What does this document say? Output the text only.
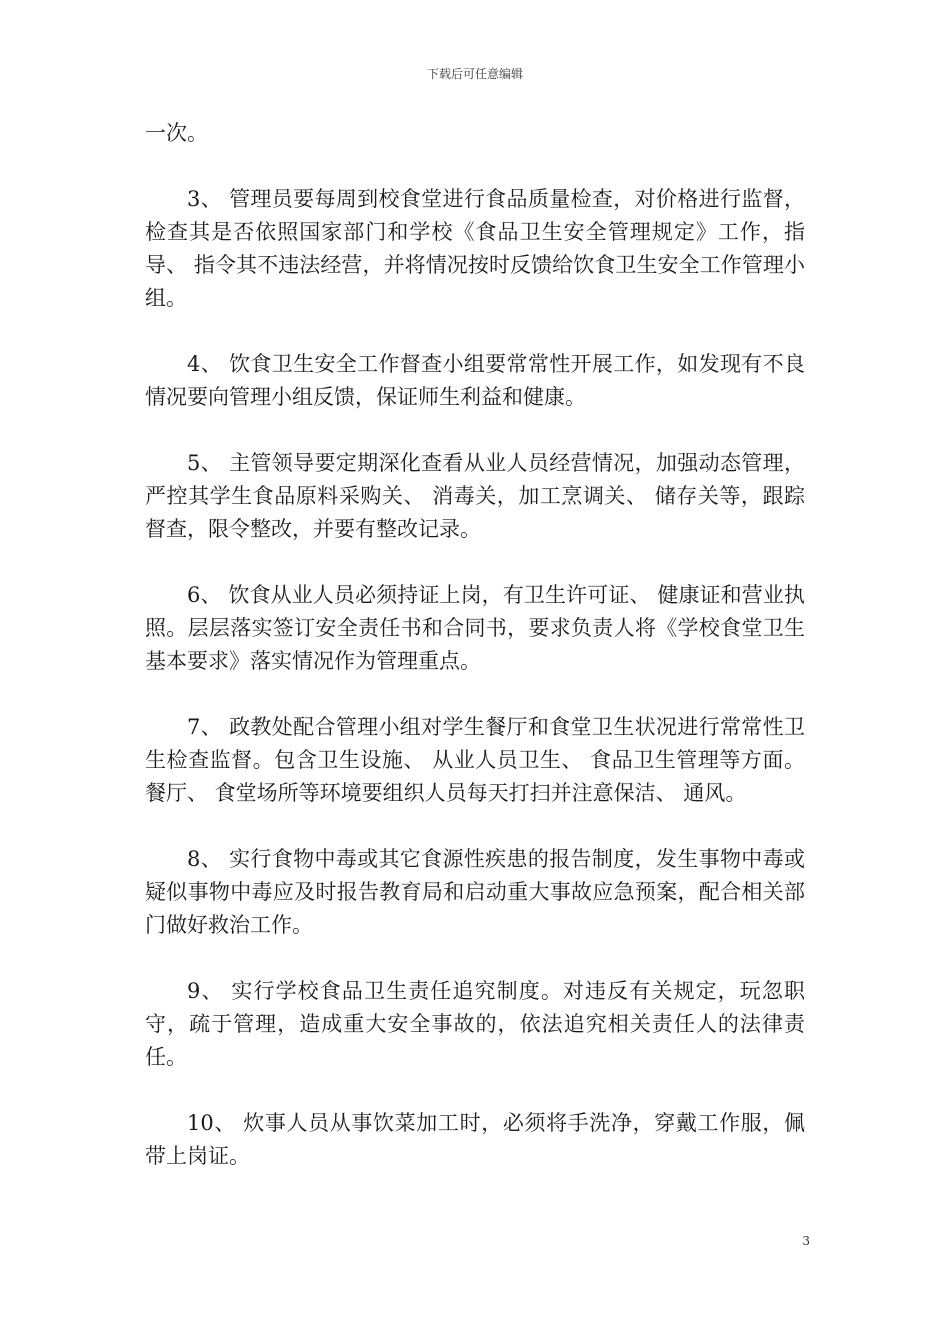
下载后可任意编辑

一次。

3、 管理员要每周到校食堂进行食品质量检查，对价格进行监督，检查其是否依照国家部门和学校《食品卫生安全管理规定》工作，指导、 指令其不违法经营，并将情况按时反馈给饮食卫生安全工作管理小组。

4、 饮食卫生安全工作督查小组要常常性开展工作，如发现有不良情况要向管理小组反馈，保证师生利益和健康。

5、 主管领导要定期深化查看从业人员经营情况，加强动态管理，严控其学生食品原料采购关、 消毒关，加工烹调关、 储存关等，跟踪督查，限令整改，并要有整改记录。

6、 饮食从业人员必须持证上岗，有卫生许可证、 健康证和营业执照。层层落实签订安全责任书和合同书，要求负责人将《学校食堂卫生基本要求》落实情况作为管理重点。

7、 政教处配合管理小组对学生餐厅和食堂卫生状况进行常常性卫生检查监督。包含卫生设施、 从业人员卫生、 食品卫生管理等方面。餐厅、 食堂场所等环境要组织人员每天打扫并注意保洁、 通风。

8、 实行食物中毒或其它食源性疾患的报告制度，发生事物中毒或疑似事物中毒应及时报告教育局和启动重大事故应急预案，配合相关部门做好救治工作。

9、 实行学校食品卫生责任追究制度。对违反有关规定，玩忽职守，疏于管理，造成重大安全事故的，依法追究相关责任人的法律责任。

10、 炊事人员从事饮菜加工时，必须将手洗净，穿戴工作服，佩带上岗证。

3
